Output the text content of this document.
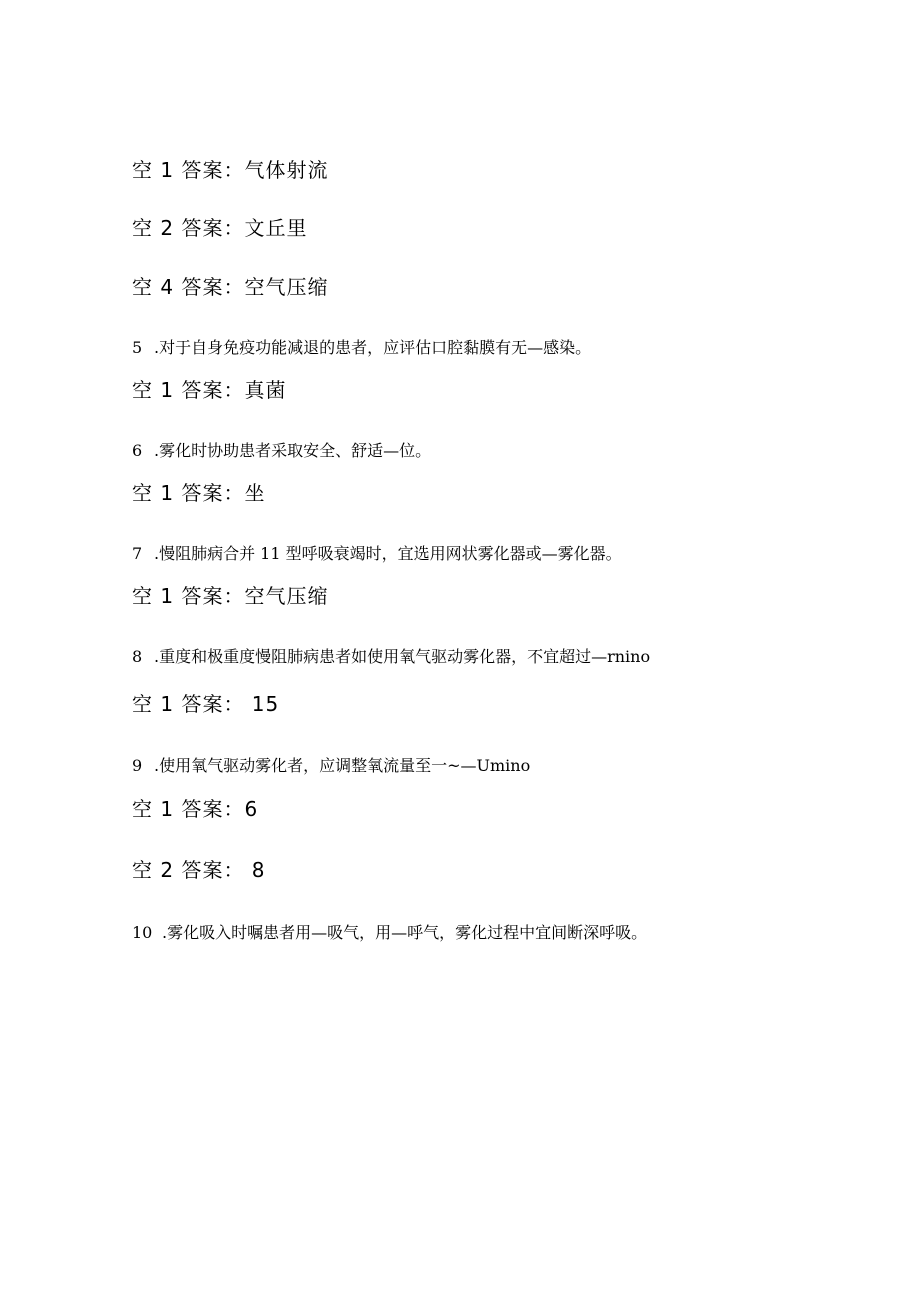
空 1 答案：气体射流
空 2 答案：文丘里
空 4 答案：空气压缩
5 .对于自身免疫功能减退的患者，应评估口腔黏膜有无—感染。
空 1 答案：真菌
6 .雾化时协助患者采取安全、舒适—位。
空 1 答案：坐
7 .慢阻肺病合并 11 型呼吸衰竭时，宜选用网状雾化器或—雾化器。
空 1 答案：空气压缩
8 .重度和极重度慢阻肺病患者如使用氧气驱动雾化器，不宜超过—rnino
空 1 答案： 15
9 .使用氧气驱动雾化者，应调整氧流量至一~—Umino
空 1 答案：6
空 2 答案： 8
10 .雾化吸入时嘱患者用—吸气，用—呼气，雾化过程中宜间断深呼吸。
